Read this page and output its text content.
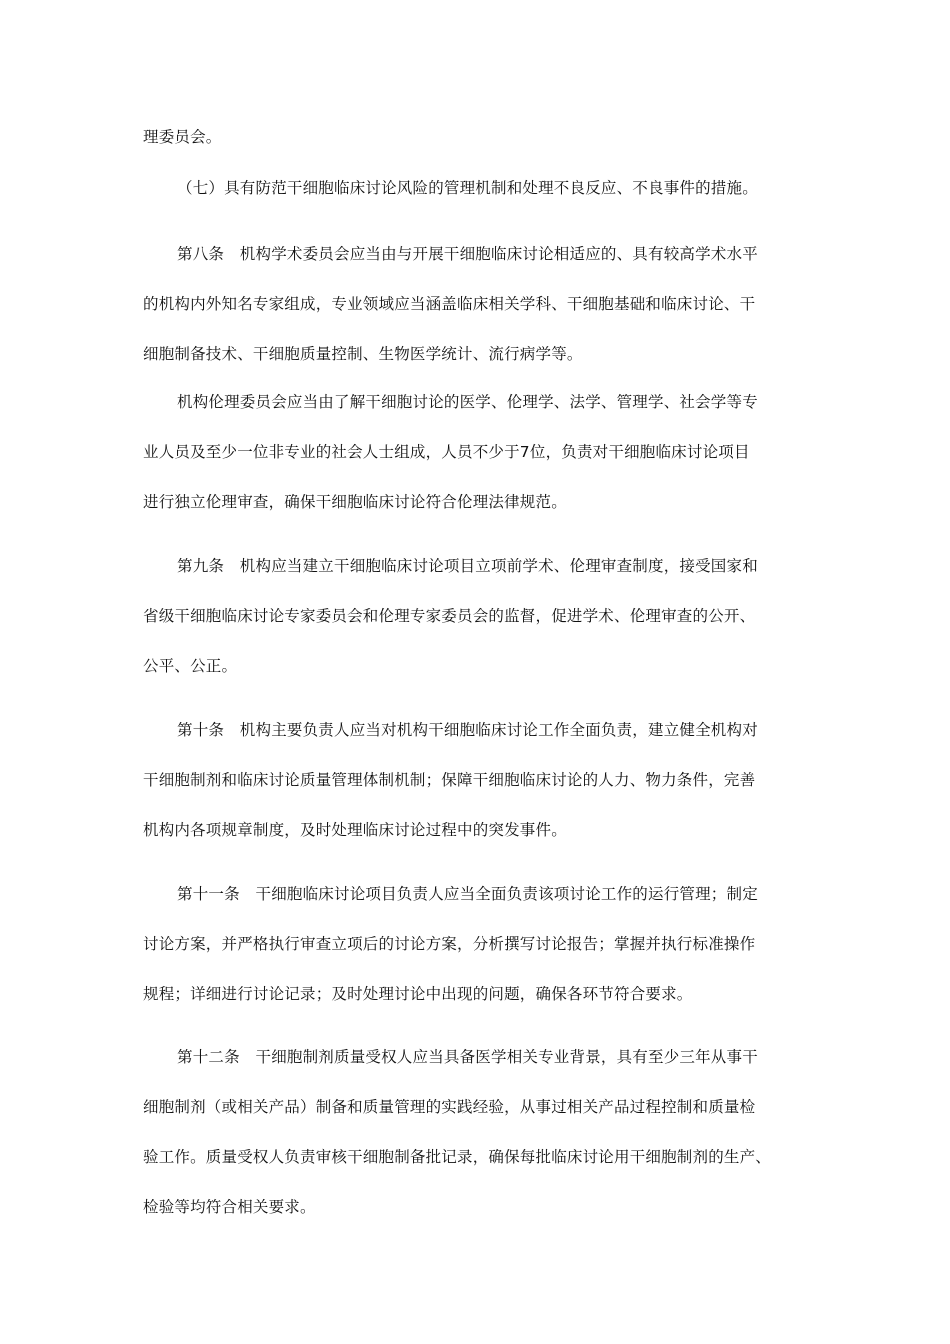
理委员会。
（七）具有防范干细胞临床讨论风险的管理机制和处理不良反应、不良事件的措施。
第八条　机构学术委员会应当由与开展干细胞临床讨论相适应的、具有较高学术水平
的机构内外知名专家组成，专业领域应当涵盖临床相关学科、干细胞基础和临床讨论、干
细胞制备技术、干细胞质量控制、生物医学统计、流行病学等。
机构伦理委员会应当由了解干细胞讨论的医学、伦理学、法学、管理学、社会学等专
业人员及至少一位非专业的社会人士组成，人员不少于7位，负责对干细胞临床讨论项目
进行独立伦理审查，确保干细胞临床讨论符合伦理法律规范。
第九条　机构应当建立干细胞临床讨论项目立项前学术、伦理审查制度，接受国家和
省级干细胞临床讨论专家委员会和伦理专家委员会的监督，促进学术、伦理审查的公开、
公平、公正。
第十条　机构主要负责人应当对机构干细胞临床讨论工作全面负责，建立健全机构对
干细胞制剂和临床讨论质量管理体制机制；保障干细胞临床讨论的人力、物力条件，完善
机构内各项规章制度，及时处理临床讨论过程中的突发事件。
第十一条　干细胞临床讨论项目负责人应当全面负责该项讨论工作的运行管理；制定
讨论方案，并严格执行审查立项后的讨论方案，分析撰写讨论报告；掌握并执行标准操作
规程；详细进行讨论记录；及时处理讨论中出现的问题，确保各环节符合要求。
第十二条　干细胞制剂质量受权人应当具备医学相关专业背景，具有至少三年从事干
细胞制剂（或相关产品）制备和质量管理的实践经验，从事过相关产品过程控制和质量检
验工作。质量受权人负责审核干细胞制备批记录，确保每批临床讨论用干细胞制剂的生产、
检验等均符合相关要求。
